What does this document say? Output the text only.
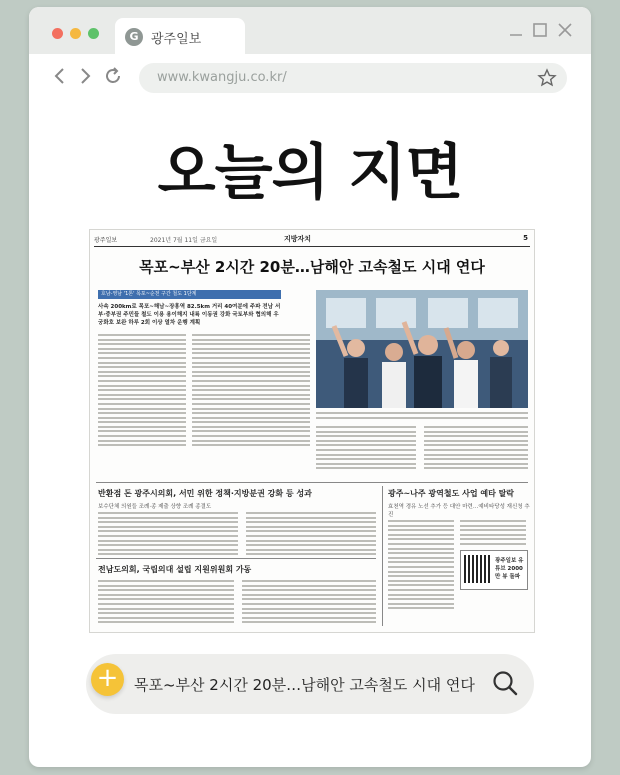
G 광주일보
www.kwangju.co.kr/
오늘의 지면
광주일보	2021년 7월 11일 금요일	지방자치	5
목포~부산 2시간 20분…남해안 고속철도 시대 연다
호남-영남 '1톤' 목포~순천 구간 철도 1단계
사속 200km로 목포~해남~장흥역 82.5km 거리 40여분에 주파 전남 서부·중부권 주민들 철도 이용 용이해지 내륙 이동권 강화 국토부와 협의해 우궁화호 보완 하루 2회 이상 열차 운행 계획
반환점 돈 광주시의회, 서민 위한 정책·지방분권 강화 등 성과
보수단체 의원들 조례·종 제출 상향 조례 종결도
광주~나주 광역철도 사업 예타 탈락
효천역 경유 노선 추가 등 대안 마련…예비타당성 재신청 추진
광주일보 유튜브 2000만 뷰 돌파
전남도의회, 국립의대 설립 지원위원회 가동
+	목포~부산 2시간 20분…남해안 고속철도 시대 연다
